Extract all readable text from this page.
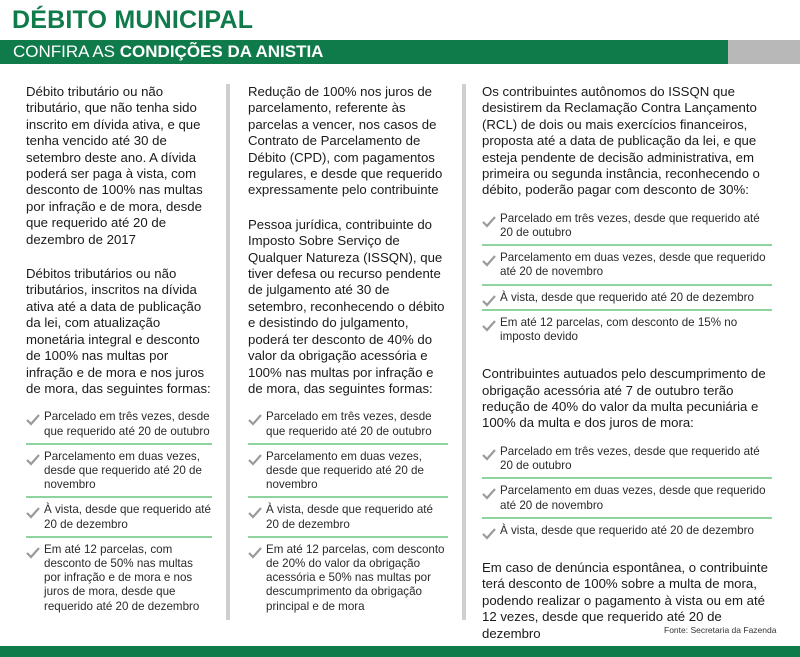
DÉBITO MUNICIPAL
CONFIRA AS CONDIÇÕES DA ANISTIA

Débito tributário ou não tributário, que não tenha sido inscrito em dívida ativa, e que tenha vencido até 30 de setembro deste ano. A dívida poderá ser paga à vista, com desconto de 100% nas multas por infração e de mora, desde que requerido até 20 de dezembro de 2017

Débitos tributários ou não tributários, inscritos na dívida ativa até a data de publicação da lei, com atualização monetária integral e desconto de 100% nas multas por infração e de mora e nos juros de mora, das seguintes formas:

Parcelado em três vezes, desde que requerido até 20 de outubro
Parcelamento em duas vezes, desde que requerido até 20 de novembro
À vista, desde que requerido até 20 de dezembro
Em até 12 parcelas, com desconto de 50% nas multas por infração e de mora e nos juros de mora, desde que requerido até 20 de dezembro

Redução de 100% nos juros de parcelamento, referente às parcelas a vencer, nos casos de Contrato de Parcelamento de Débito (CPD), com pagamentos regulares, e desde que requerido expressamente pelo contribuinte

Pessoa jurídica, contribuinte do Imposto Sobre Serviço de Qualquer Natureza (ISSQN), que tiver defesa ou recurso pendente de julgamento até 30 de setembro, reconhecendo o débito e desistindo do julgamento, poderá ter desconto de 40% do valor da obrigação acessória e 100% nas multas por infração e de mora, das seguintes formas:

Parcelado em três vezes, desde que requerido até 20 de outubro
Parcelamento em duas vezes, desde que requerido até 20 de novembro
À vista, desde que requerido até 20 de dezembro
Em até 12 parcelas, com desconto de 20% do valor da obrigação acessória e 50% nas multas por descumprimento da obrigação principal e de mora

Os contribuintes autônomos do ISSQN que desistirem da Reclamação Contra Lançamento (RCL) de dois ou mais exercícios financeiros, proposta até a data de publicação da lei, e que esteja pendente de decisão administrativa, em primeira ou segunda instância, reconhecendo o débito, poderão pagar com desconto de 30%:

Parcelado em três vezes, desde que requerido até 20 de outubro
Parcelamento em duas vezes, desde que requerido até 20 de novembro
À vista, desde que requerido até 20 de dezembro
Em até 12 parcelas, com desconto de 15% no imposto devido

Contribuintes autuados pelo descumprimento de obrigação acessória até 7 de outubro terão redução de 40% do valor da multa pecuniária e 100% da multa e dos juros de mora:

Parcelado em três vezes, desde que requerido até 20 de outubro
Parcelamento em duas vezes, desde que requerido até 20 de novembro
À vista, desde que requerido até 20 de dezembro

Em caso de denúncia espontânea, o contribuinte terá desconto de 100% sobre a multa de mora, podendo realizar o pagamento à vista ou em até 12 vezes, desde que requerido até 20 de dezembro	Fonte: Secretaria da Fazenda
